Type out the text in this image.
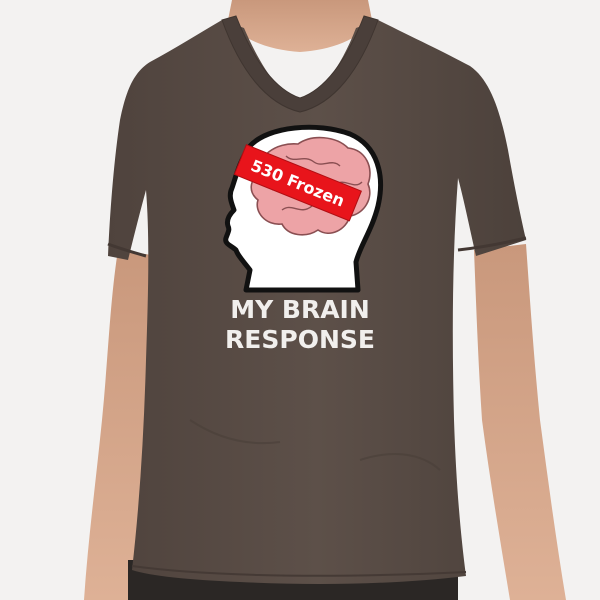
530 Frozen
MY BRAIN
RESPONSE
